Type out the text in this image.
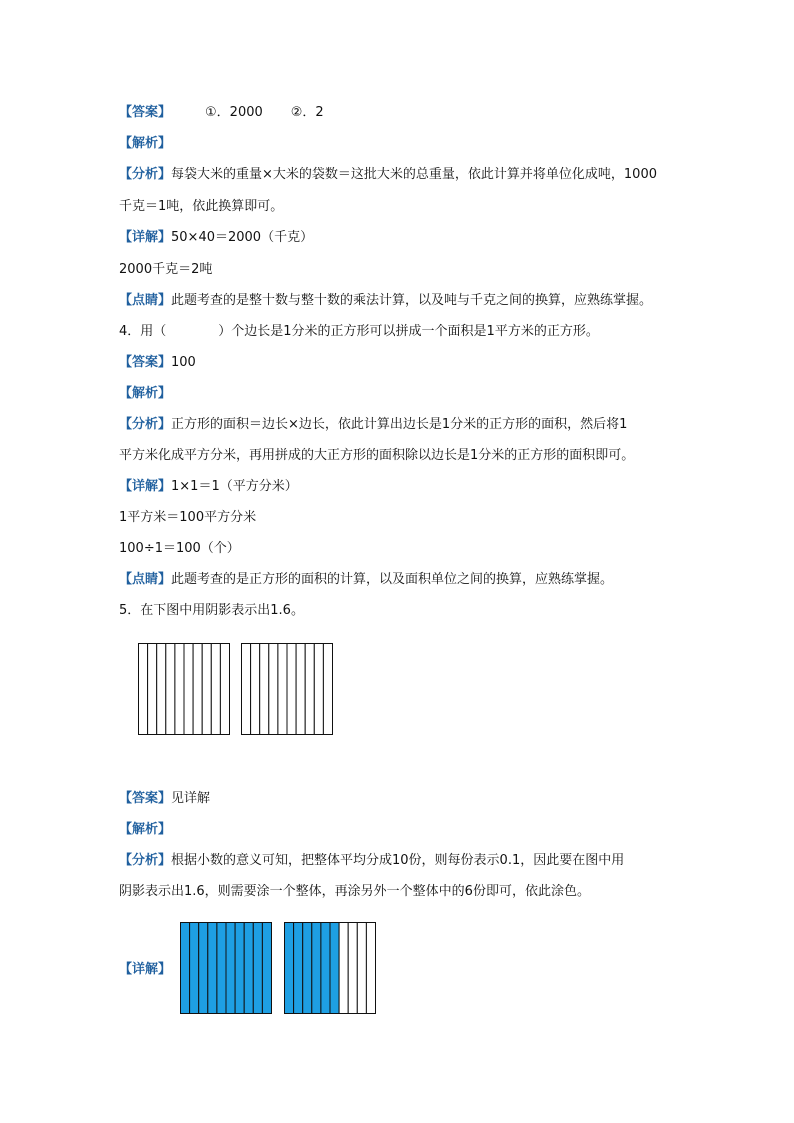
【答案】	①．2000 ②．2
【解析】
【分析】每袋大米的重量×大米的袋数＝这批大米的总重量，依此计算并将单位化成吨，1000
千克＝1吨，依此换算即可。
【详解】50×40＝2000（千克）
2000千克＝2吨
【点睛】此题考查的是整十数与整十数的乘法计算，以及吨与千克之间的换算，应熟练掌握。
4．用（　　　　）个边长是1分米的正方形可以拼成一个面积是1平方米的正方形。
【答案】100
【解析】
【分析】正方形的面积＝边长×边长，依此计算出边长是1分米的正方形的面积，然后将1
平方米化成平方分米，再用拼成的大正方形的面积除以边长是1分米的正方形的面积即可。
【详解】1×1＝1（平方分米）
1平方米＝100平方分米
100÷1＝100（个）
【点睛】此题考查的是正方形的面积的计算，以及面积单位之间的换算，应熟练掌握。
5．在下图中用阴影表示出1.6。
【答案】见详解
【解析】
【分析】根据小数的意义可知，把整体平均分成10份，则每份表示0.1，因此要在图中用
阴影表示出1.6，则需要涂一个整体，再涂另外一个整体中的6份即可，依此涂色。
【详解】
